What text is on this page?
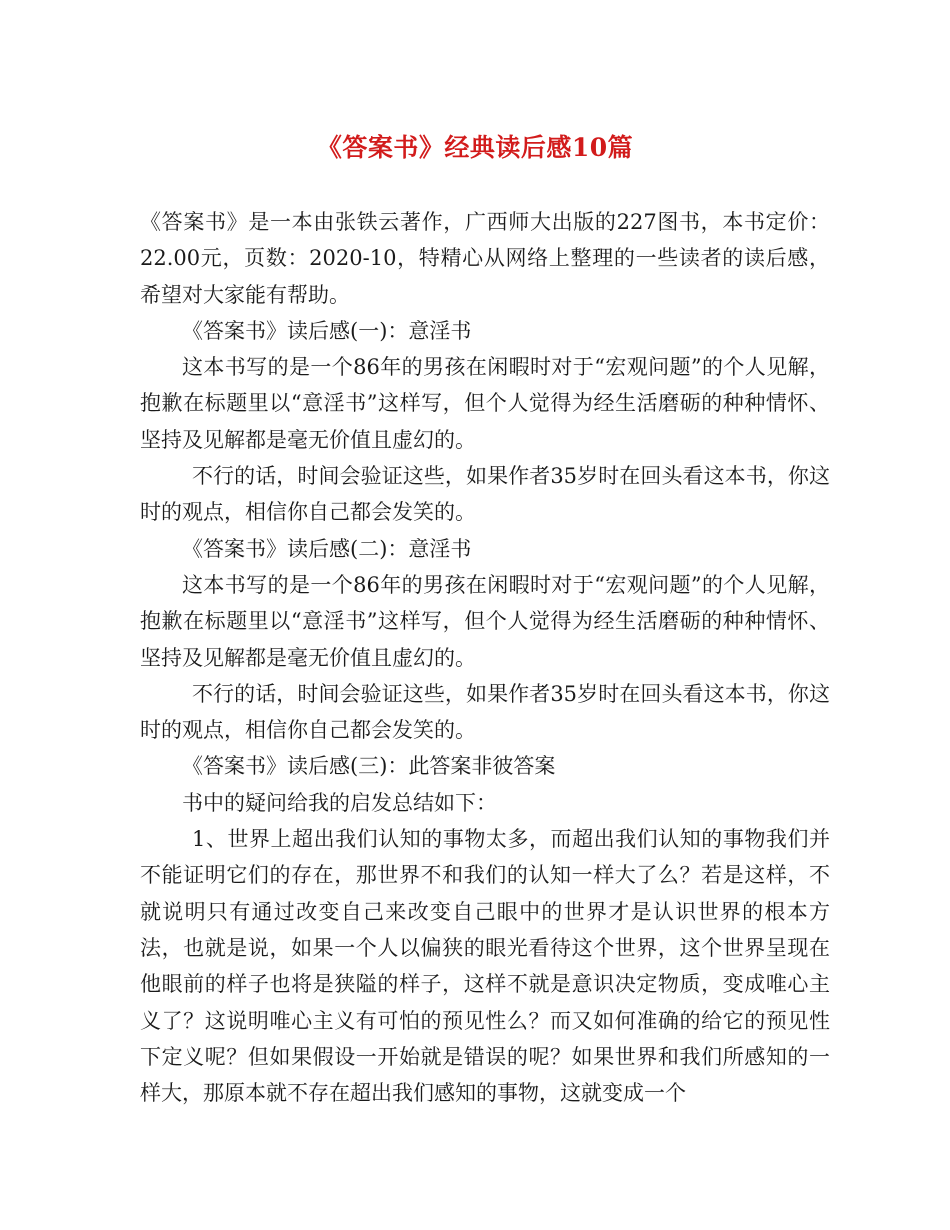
《答案书》经典读后感10篇

《答案书》是一本由张铁云著作，广西师大出版的227图书，本书定价：22.00元，页数：2020-10，特精心从网络上整理的一些读者的读后感，希望对大家能有帮助。

《答案书》读后感(一)：意淫书

这本书写的是一个86年的男孩在闲暇时对于“宏观问题”的个人见解，抱歉在标题里以“意淫书”这样写，但个人觉得为经生活磨砺的种种情怀、坚持及见解都是毫无价值且虚幻的。

不行的话，时间会验证这些，如果作者35岁时在回头看这本书，你这时的观点，相信你自己都会发笑的。

《答案书》读后感(二)：意淫书

这本书写的是一个86年的男孩在闲暇时对于“宏观问题”的个人见解，抱歉在标题里以“意淫书”这样写，但个人觉得为经生活磨砺的种种情怀、坚持及见解都是毫无价值且虚幻的。

不行的话，时间会验证这些，如果作者35岁时在回头看这本书，你这时的观点，相信你自己都会发笑的。

《答案书》读后感(三)：此答案非彼答案

书中的疑问给我的启发总结如下：

1、世界上超出我们认知的事物太多，而超出我们认知的事物我们并不能证明它们的存在，那世界不和我们的认知一样大了么？若是这样，不就说明只有通过改变自己来改变自己眼中的世界才是认识世界的根本方法，也就是说，如果一个人以偏狭的眼光看待这个世界，这个世界呈现在他眼前的样子也将是狭隘的样子，这样不就是意识决定物质，变成唯心主义了？这说明唯心主义有可怕的预见性么？而又如何准确的给它的预见性下定义呢？但如果假设一开始就是错误的呢？如果世界和我们所感知的一样大，那原本就不存在超出我们感知的事物，这就变成一个
